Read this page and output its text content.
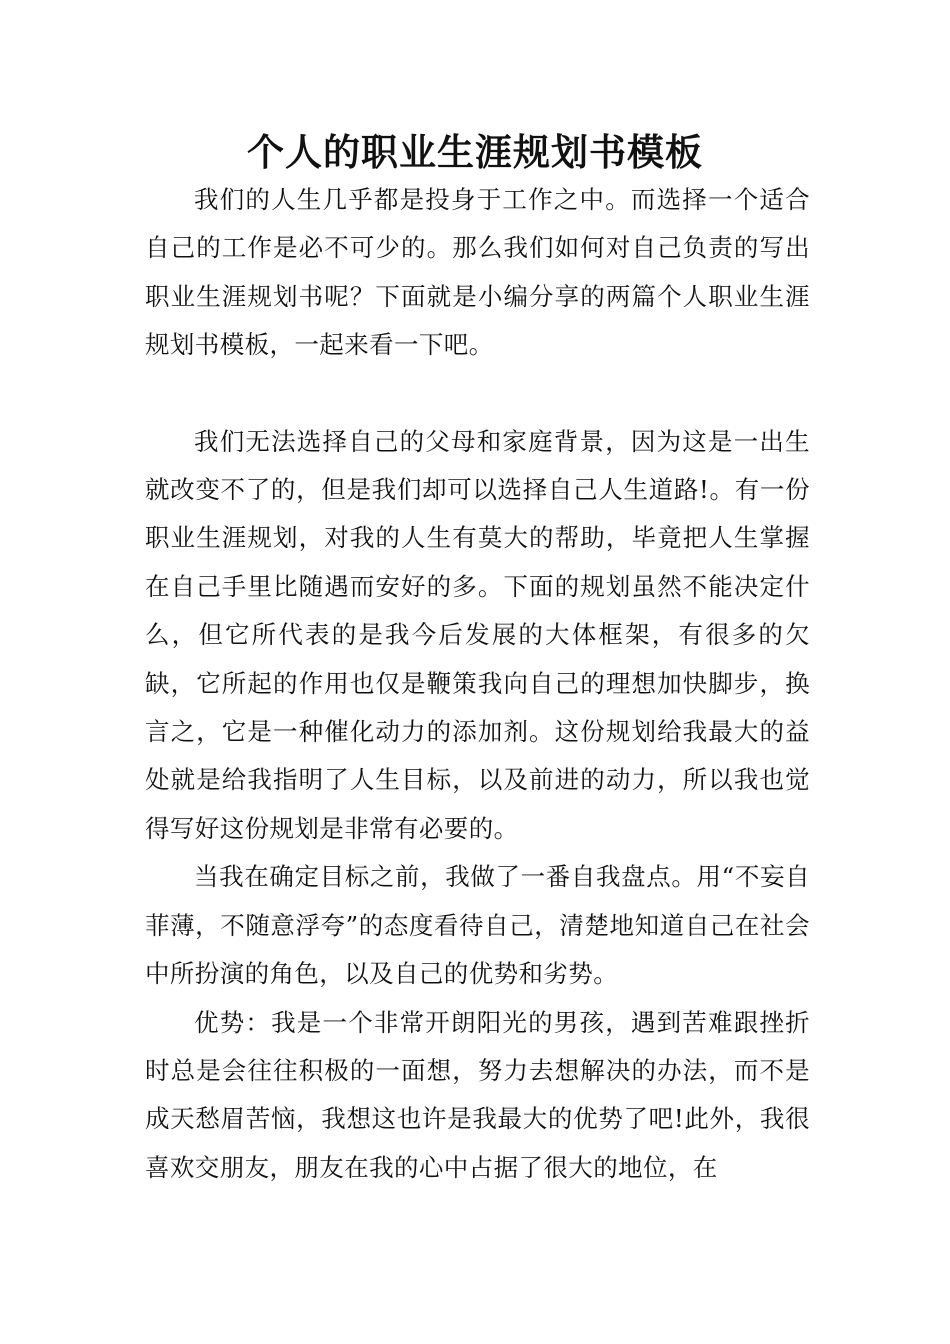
个人的职业生涯规划书模板

我们的人生几乎都是投身于工作之中。而选择一个适合自己的工作是必不可少的。那么我们如何对自己负责的写出职业生涯规划书呢？下面就是小编分享的两篇个人职业生涯规划书模板，一起来看一下吧。

我们无法选择自己的父母和家庭背景，因为这是一出生就改变不了的，但是我们却可以选择自己人生道路!。有一份职业生涯规划，对我的人生有莫大的帮助，毕竟把人生掌握在自己手里比随遇而安好的多。下面的规划虽然不能决定什么，但它所代表的是我今后发展的大体框架，有很多的欠缺，它所起的作用也仅是鞭策我向自己的理想加快脚步，换言之，它是一种催化动力的添加剂。这份规划给我最大的益处就是给我指明了人生目标，以及前进的动力，所以我也觉得写好这份规划是非常有必要的。

当我在确定目标之前，我做了一番自我盘点。用“不妄自菲薄，不随意浮夸”的态度看待自己，清楚地知道自己在社会中所扮演的角色，以及自己的优势和劣势。

优势：我是一个非常开朗阳光的男孩，遇到苦难跟挫折时总是会往往积极的一面想，努力去想解决的办法，而不是成天愁眉苦恼，我想这也许是我最大的优势了吧!此外，我很喜欢交朋友，朋友在我的心中占据了很大的地位，在
